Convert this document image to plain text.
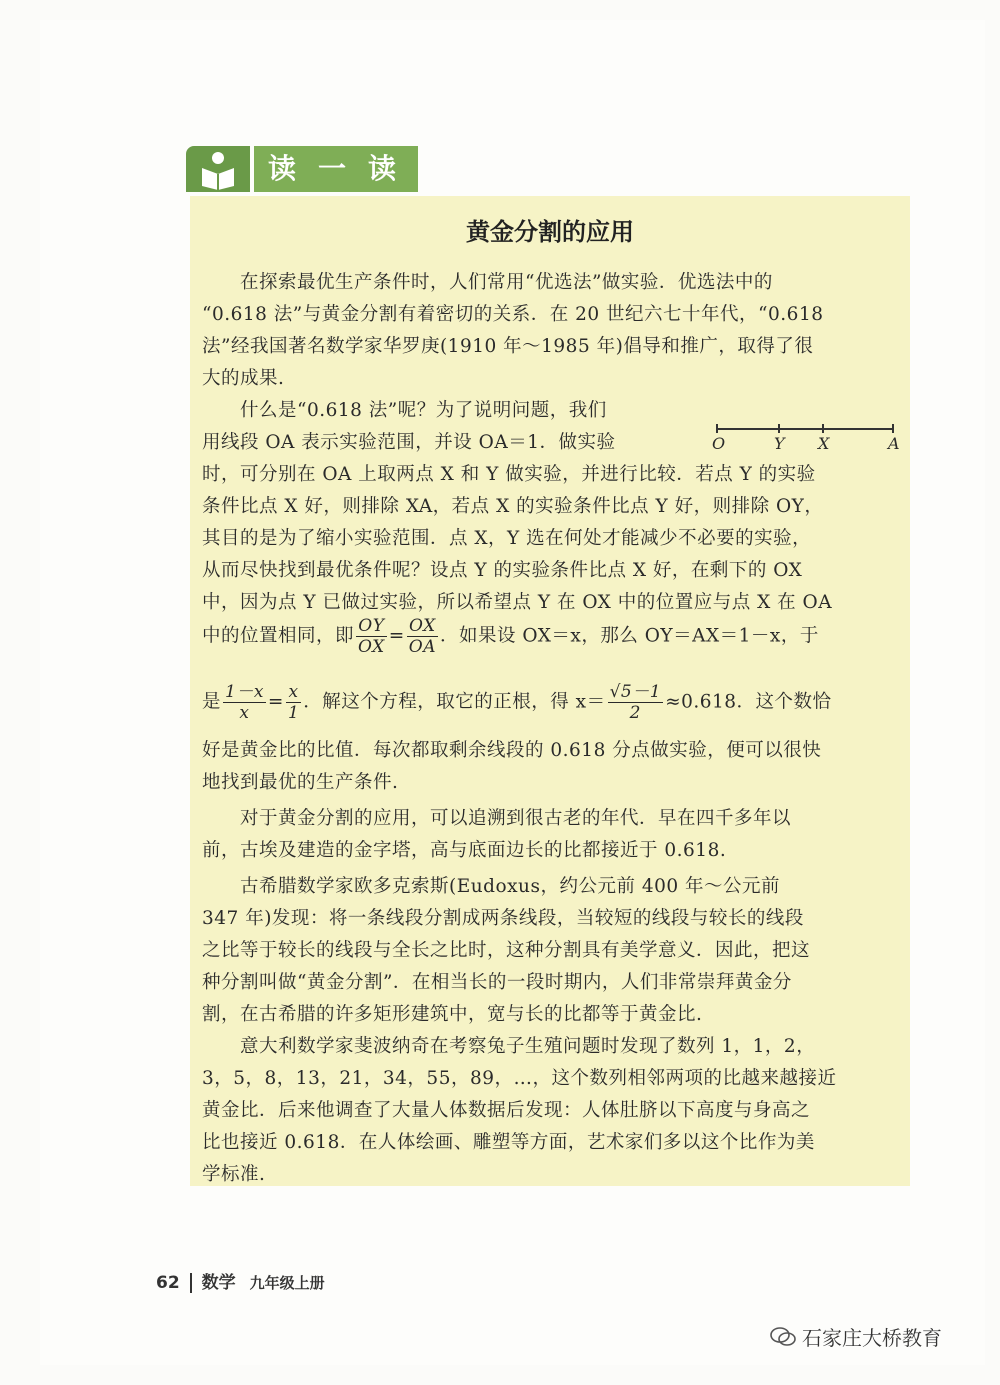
读一读
黄金分割的应用
　　在探索最优生产条件时，人们常用“优选法”做实验．优选法中的
“0.618 法”与黄金分割有着密切的关系．在 20 世纪六七十年代，“0.618
法”经我国著名数学家华罗庚(1910 年～1985 年)倡导和推广，取得了很
大的成果.
　　什么是“0.618 法”呢？为了说明问题，我们
用线段 OA 表示实验范围，并设 OA＝1．做实验
时，可分别在 OA 上取两点 X 和 Y 做实验，并进行比较．若点 Y 的实验
条件比点 X 好，则排除 XA，若点 X 的实验条件比点 Y 好，则排除 OY，
其目的是为了缩小实验范围．点 X，Y 选在何处才能减少不必要的实验，
从而尽快找到最优条件呢？设点 Y 的实验条件比点 X 好，在剩下的 OX
中，因为点 Y 已做过实验，所以希望点 Y 在 OX 中的位置应与点 X 在 OA
中的位置相同，即 $\frac{OY}{OX} = \frac{OX}{OA}$ ．如果设 OX＝x，那么 OY＝AX＝1－x，于
是 $\frac{1-x}{x} = \frac{x}{1}$ ．解这个方程，取它的正根，得 $x= \frac{√5-1}{2} \approx 0.618$．这个数恰
好是黄金比的比值．每次都取剩余线段的 0.618 分点做实验，便可以很快
地找到最优的生产条件.
　　对于黄金分割的应用，可以追溯到很古老的年代．早在四千多年以
前，古埃及建造的金字塔，高与底面边长的比都接近于 0.618.
　　古希腊数学家欧多克索斯(Eudoxus，约公元前 400 年～公元前
347 年)发现：将一条线段分割成两条线段，当较短的线段与较长的线段
之比等于较长的线段与全长之比时，这种分割具有美学意义．因此，把这
种分割叫做“黄金分割”．在相当长的一段时期内，人们非常崇拜黄金分
割，在古希腊的许多矩形建筑中，宽与长的比都等于黄金比.
　　意大利数学家斐波纳奇在考察兔子生殖问题时发现了数列 1，1，2，
3，5，8，13，21，34，55，89，…，这个数列相邻两项的比越来越接近
黄金比．后来他调查了大量人体数据后发现：人体肚脐以下高度与身高之
比也接近 0.618．在人体绘画、雕塑等方面，艺术家们多以这个比作为美
学标准.
O	Y X	A
62 数学 九年级上册
石家庄大桥教育
